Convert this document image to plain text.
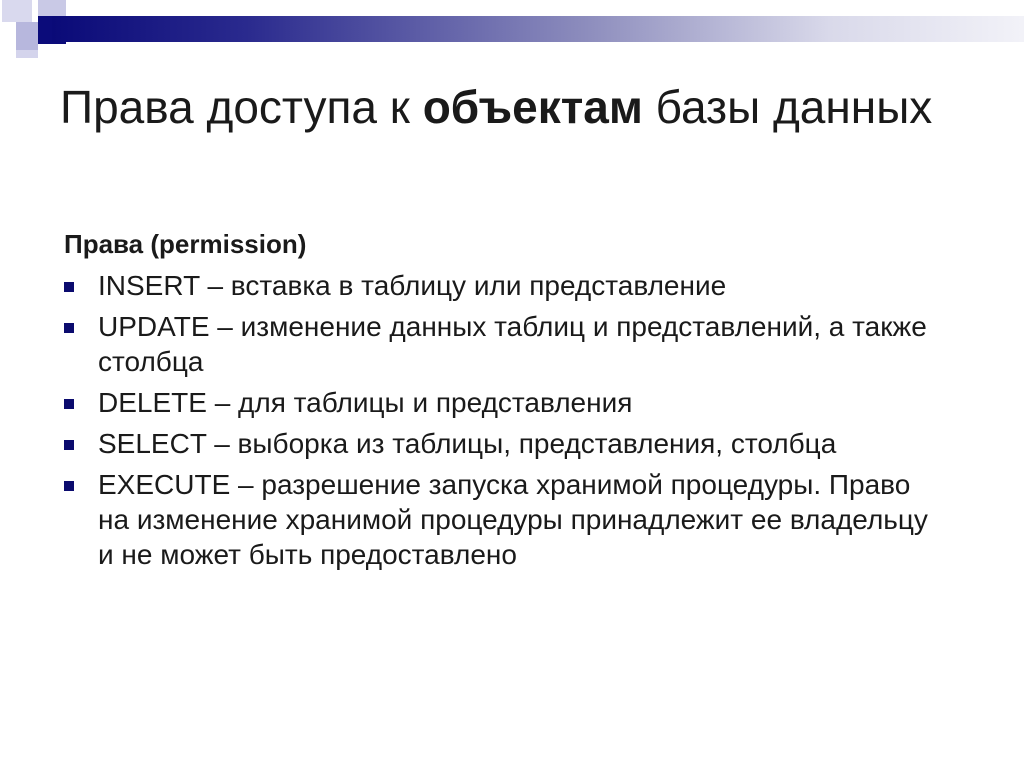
Права доступа к объектам базы данных
Права (permission)
INSERT – вставка в таблицу или представление
UPDATE – изменение данных таблиц и представлений, а также столбца
DELETE – для таблицы и представления
SELECT – выборка из таблицы, представления, столбца
EXECUTE – разрешение запуска хранимой процедуры. Право на изменение хранимой процедуры принадлежит ее владельцу и не может быть предоставлено
